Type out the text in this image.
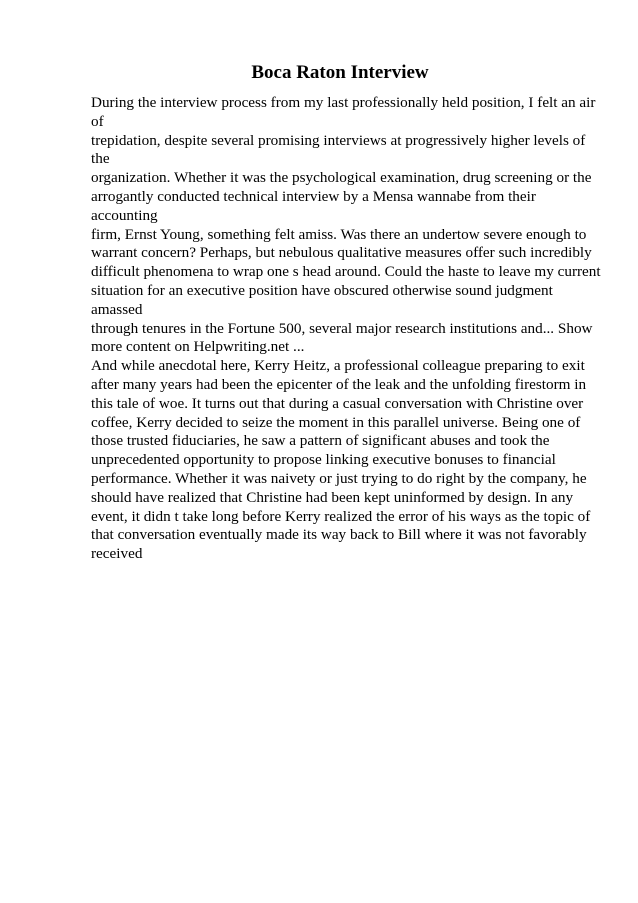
Boca Raton Interview

During the interview process from my last professionally held position, I felt an air of
trepidation, despite several promising interviews at progressively higher levels of the
organization. Whether it was the psychological examination, drug screening or the
arrogantly conducted technical interview by a Mensa wannabe from their accounting
firm, Ernst Young, something felt amiss. Was there an undertow severe enough to
warrant concern? Perhaps, but nebulous qualitative measures offer such incredibly
difficult phenomena to wrap one s head around. Could the haste to leave my current
situation for an executive position have obscured otherwise sound judgment amassed
through tenures in the Fortune 500, several major research institutions and... Show
more content on Helpwriting.net ...

And while anecdotal here, Kerry Heitz, a professional colleague preparing to exit
after many years had been the epicenter of the leak and the unfolding firestorm in
this tale of woe. It turns out that during a casual conversation with Christine over
coffee, Kerry decided to seize the moment in this parallel universe. Being one of
those trusted fiduciaries, he saw a pattern of significant abuses and took the
unprecedented opportunity to propose linking executive bonuses to financial
performance. Whether it was naivety or just trying to do right by the company, he
should have realized that Christine had been kept uninformed by design. In any
event, it didn t take long before Kerry realized the error of his ways as the topic of
that conversation eventually made its way back to Bill where it was not favorably
received
